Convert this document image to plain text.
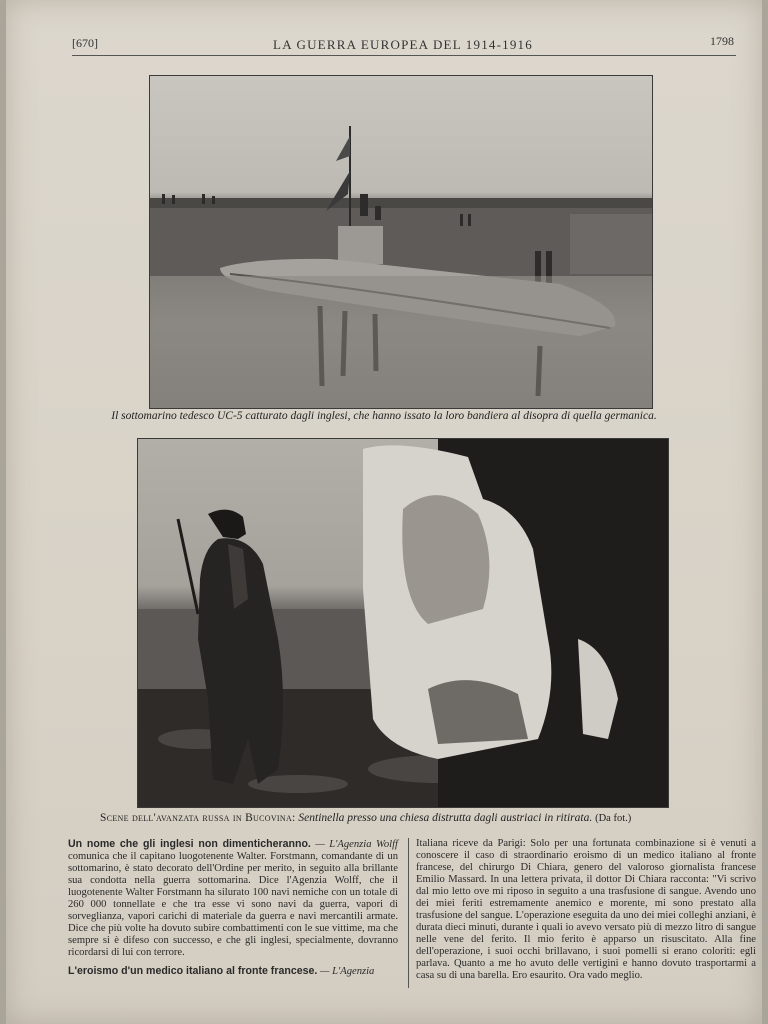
[670]	LA GUERRA EUROPEA DEL 1914-1916	1798
Il sottomarino tedesco UC-5 catturato dagli inglesi, che hanno issato la loro bandiera al disopra di quella germanica.
Scene dell'avanzata russa in Bucovina: Sentinella presso una chiesa distrutta dagli austriaci in ritirata. (Da fot.)

Un nome che gli inglesi non dimenticheranno. — L'Agenzia Wolff comunica che il capitano luogotenente Walter. Forstmann, comandante di un sottomarino, è stato decorato dell'Ordine per merito, in seguito alla brillante sua condotta nella guerra sottomarina. Dice l'Agenzia Wolff, che il luogotenente Walter Forstmann ha silurato 100 navi nemiche con un totale di 260 000 tonnellate e che tra esse vi sono navi da guerra, vapori di sorveglianza, vapori carichi di materiale da guerra e navi mercantili armate. Dice che più volte ha dovuto subire combattimenti con le sue vittime, ma che sempre si è difeso con successo, e che gli inglesi, specialmente, dovranno ricordarsi di lui con terrore.

L'eroismo d'un medico italiano al fronte francese. — L'Agenzia

Italiana riceve da Parigi: Solo per una fortunata combinazione si è venuti a conoscere il caso di straordinario eroismo di un medico italiano al fronte francese, del chirurgo Di Chiara, genero del valoroso giornalista francese Emilio Massard. In una lettera privata, il dottor Di Chiara racconta: "Vi scrivo dal mio letto ove mi riposo in seguito a una trasfusione di sangue. Avendo uno dei miei feriti estremamente anemico e morente, mi sono prestato alla trasfusione del sangue. L'operazione eseguita da uno dei miei colleghi anziani, è durata dieci minuti, durante i quali io avevo versato più di mezzo litro di sangue nelle vene del ferito. Il mio ferito è apparso un risuscitato. Alla fine dell'operazione, i suoi occhi brillavano, i suoi pomelli si erano coloriti: egli parlava. Quanto a me ho avuto delle vertigini e hanno dovuto trasportarmi a casa su di una barella. Ero esaurito. Ora vado meglio.
